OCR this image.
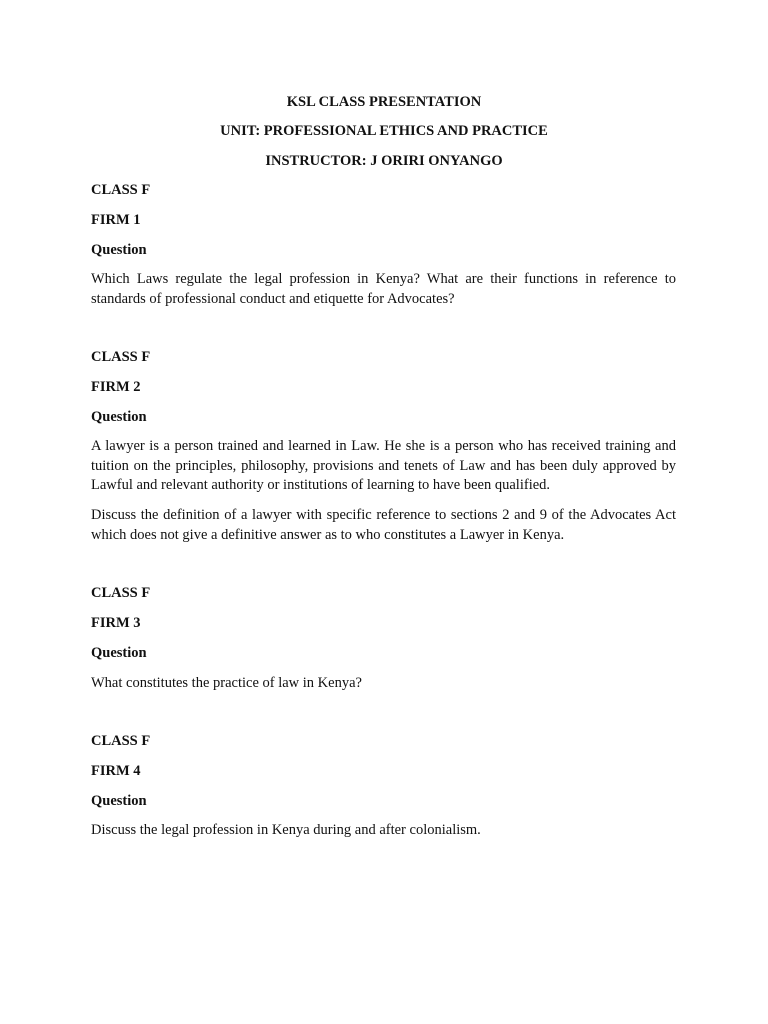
KSL CLASS PRESENTATION

UNIT: PROFESSIONAL ETHICS AND PRACTICE

INSTRUCTOR: J ORIRI ONYANGO

CLASS F

FIRM 1

Question

Which Laws regulate the legal profession in Kenya? What are their functions in reference to standards of professional conduct and etiquette for Advocates?

CLASS F

FIRM 2

Question

A lawyer is a person trained and learned in Law. He she is a person who has received training and tuition on the principles, philosophy, provisions and tenets of Law and has been duly approved by Lawful and relevant authority or institutions of learning to have been qualified.

Discuss the definition of a lawyer with specific reference to sections 2 and 9 of the Advocates Act which does not give a definitive answer as to who constitutes a Lawyer in Kenya.

CLASS F

FIRM 3

Question

What constitutes the practice of law in Kenya?

CLASS F

FIRM 4

Question

Discuss the legal profession in Kenya during and after colonialism.
